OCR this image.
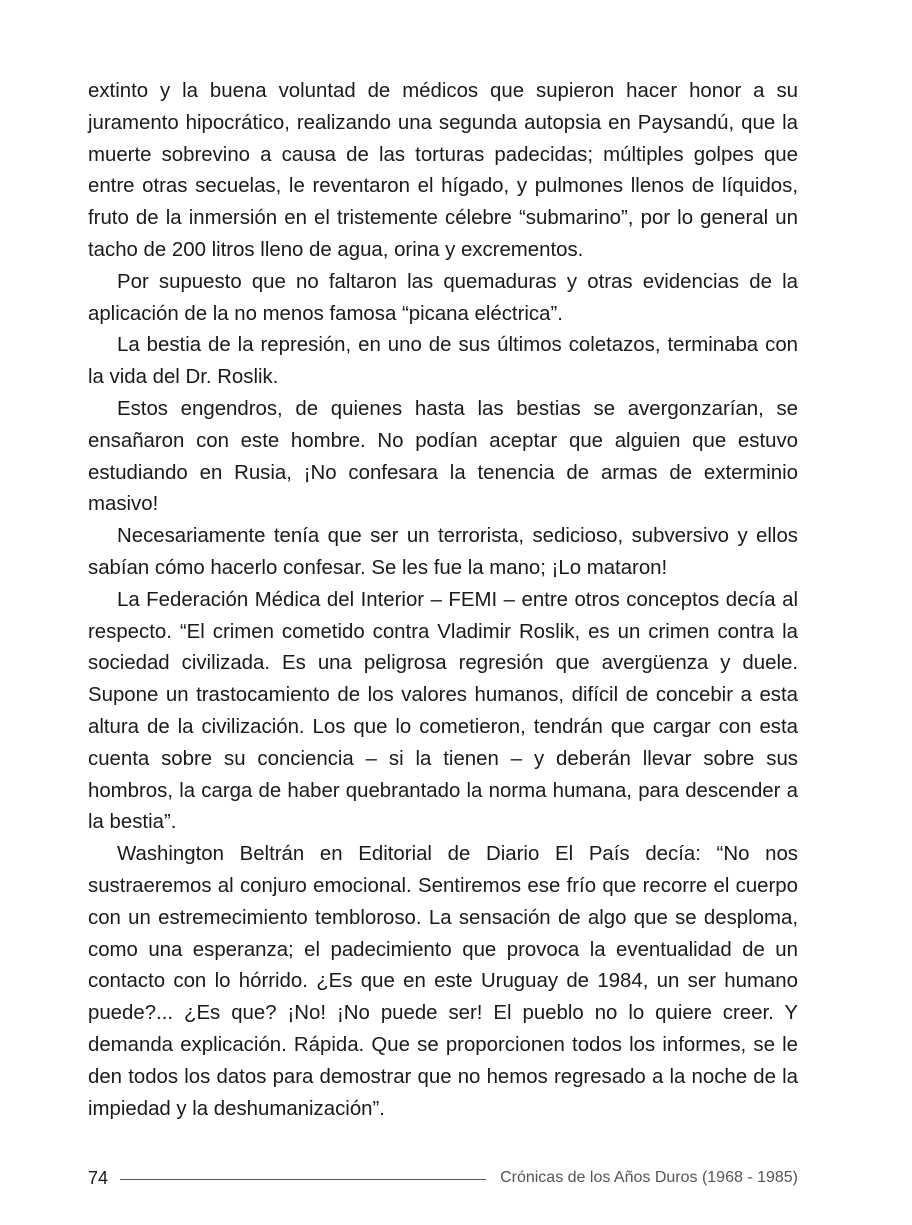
extinto y la buena voluntad de médicos que supieron hacer honor a su juramento hipocrático, realizando una segunda autopsia en Paysandú, que la muerte sobrevino a causa de las torturas padecidas; múltiples golpes que entre otras secuelas, le reventaron el hígado, y pulmones llenos de líquidos, fruto de la inmersión en el tristemente célebre “submarino”, por lo general un tacho de 200 litros lleno de agua, orina y excrementos.

Por supuesto que no faltaron las quemaduras y otras evidencias de la aplicación de la no menos famosa “picana eléctrica”.

La bestia de la represión, en uno de sus últimos coletazos, terminaba con la vida del Dr. Roslik.

Estos engendros, de quienes hasta las bestias se avergonzarían, se ensañaron con este hombre. No podían aceptar que alguien que estuvo estudiando en Rusia, ¡No confesara la tenencia de armas de exterminio masivo!

Necesariamente tenía que ser un terrorista, sedicioso, subversivo y ellos sabían cómo hacerlo confesar. Se les fue la mano; ¡Lo mataron!

La Federación Médica del Interior – FEMI – entre otros conceptos decía al respecto. “El crimen cometido contra Vladimir Roslik, es un crimen contra la sociedad civilizada. Es una peligrosa regresión que avergüenza y duele. Supone un trastocamiento de los valores humanos, difícil de concebir a esta altura de la civilización. Los que lo cometieron, tendrán que cargar con esta cuenta sobre su conciencia – si la tienen – y deberán llevar sobre sus hombros, la carga de haber quebrantado la norma humana, para descender a la bestia”.

Washington Beltrán en Editorial de Diario El País decía: “No nos sustraeremos al conjuro emocional. Sentiremos ese frío que recorre el cuerpo con un estremecimiento tembloroso. La sensación de algo que se desploma, como una esperanza; el padecimiento que provoca la eventualidad de un contacto con lo hórrido. ¿Es que en este Uruguay de 1984, un ser humano puede?... ¿Es que? ¡No! ¡No puede ser! El pueblo no lo quiere creer. Y demanda explicación. Rápida. Que se proporcionen todos los informes, se le den todos los datos para demostrar que no hemos regresado a la noche de la impiedad y la deshumanización”.

74	Crónicas de los Años Duros (1968 - 1985)
